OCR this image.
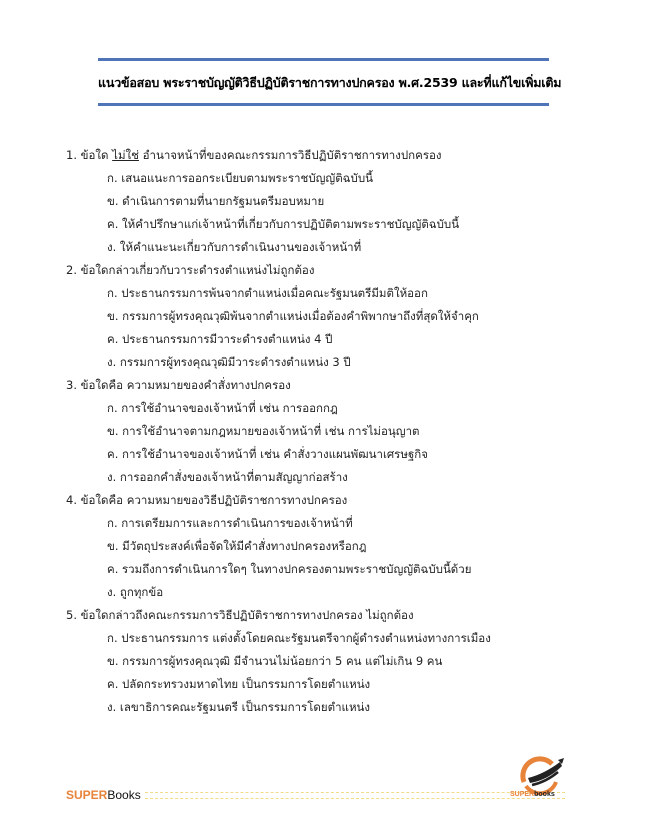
แนวข้อสอบ พระราชบัญญัติวิธีปฏิบัติราชการทางปกครอง พ.ศ.2539 และที่แก้ไขเพิ่มเติม
1. ข้อใด ไม่ใช่ อำนาจหน้าที่ของคณะกรรมการวิธีปฏิบัติราชการทางปกครอง
ก. เสนอแนะการออกระเบียบตามพระราชบัญญัติฉบับนี้
ข. ดำเนินการตามที่นายกรัฐมนตรีมอบหมาย
ค. ให้คำปรึกษาแก่เจ้าหน้าที่เกี่ยวกับการปฏิบัติตามพระราชบัญญัติฉบับนี้
ง. ให้คำแนะนะเกี่ยวกับการดำเนินงานของเจ้าหน้าที่
2. ข้อใดกล่าวเกี่ยวกับวาระดำรงตำแหน่งไม่ถูกต้อง
ก. ประธานกรรมการพ้นจากตำแหน่งเมื่อคณะรัฐมนตรีมีมติให้ออก
ข. กรรมการผู้ทรงคุณวุฒิพ้นจากตำแหน่งเมื่อต้องคำพิพากษาถึงที่สุดให้จำคุก
ค. ประธานกรรมการมีวาระดำรงตำแหน่ง 4 ปี
ง. กรรมการผู้ทรงคุณวุฒิมีวาระดำรงตำแหน่ง 3 ปี
3. ข้อใดคือ ความหมายของคำสั่งทางปกครอง
ก. การใช้อำนาจของเจ้าหน้าที่ เช่น การออกกฎ
ข. การใช้อำนาจตามกฎหมายของเจ้าหน้าที่ เช่น การไม่อนุญาต
ค. การใช้อำนาจของเจ้าหน้าที่ เช่น คำสั่งวางแผนพัฒนาเศรษฐกิจ
ง. การออกคำสั่งของเจ้าหน้าที่ตามสัญญาก่อสร้าง
4. ข้อใดคือ ความหมายของวิธีปฏิบัติราชการทางปกครอง
ก. การเตรียมการและการดำเนินการของเจ้าหน้าที่
ข. มีวัตถุประสงค์เพื่อจัดให้มีคำสั่งทางปกครองหรือกฎ
ค. รวมถึงการดำเนินการใดๆ ในทางปกครองตามพระราชบัญญัติฉบับนี้ด้วย
ง. ถูกทุกข้อ
5. ข้อใดกล่าวถึงคณะกรรมการวิธีปฏิบัติราชการทางปกครอง ไม่ถูกต้อง
ก. ประธานกรรมการ แต่งตั้งโดยคณะรัฐมนตรีจากผู้ดำรงตำแหน่งทางการเมือง
ข. กรรมการผู้ทรงคุณวุฒิ มีจำนวนไม่น้อยกว่า 5 คน แต่ไม่เกิน 9 คน
ค. ปลัดกระทรวงมหาดไทย เป็นกรรมการโดยตำแหน่ง
ง. เลขาธิการคณะรัฐมนตรี เป็นกรรมการโดยตำแหน่ง
SUPER Books	SUPERbooks
